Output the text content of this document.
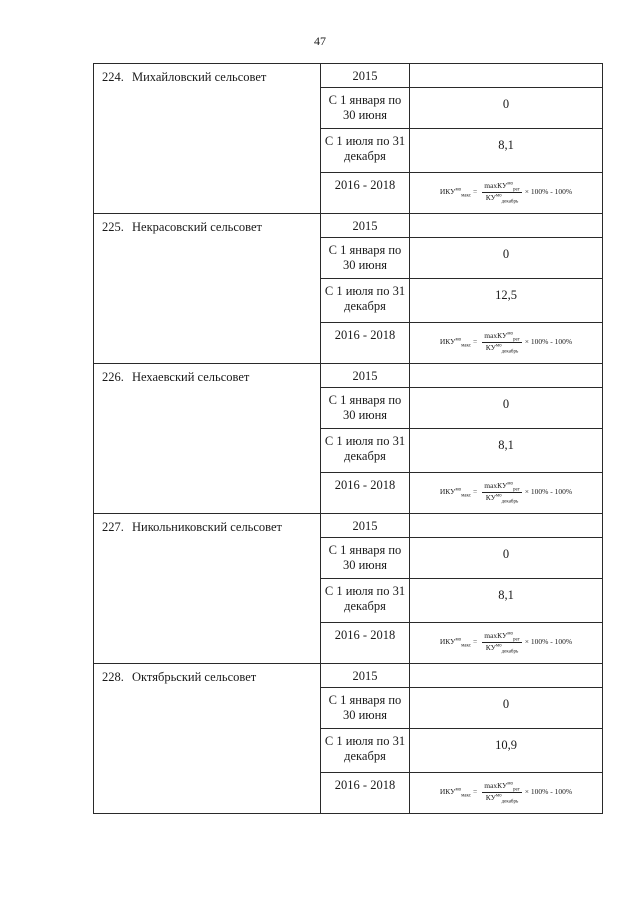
47
224. Михайловский сельсовет	2015	
	С 1 января по 30 июня	0
	С 1 июля по 31 декабря	8,1
	2016 - 2018	$ИКУ^{мо}_{макс} = \frac{\max КУ^{мо}_{рег}}{КУ^{мо}_{декабрь}} \times 100\% - 100\%$

225. Некрасовский сельсовет	2015	
	С 1 января по 30 июня	0
	С 1 июля по 31 декабря	12,5
	2016 - 2018	$ИКУ^{мо}_{макс} = \frac{\max КУ^{мо}_{рег}}{КУ^{мо}_{декабрь}} \times 100\% - 100\%$

226. Нехаевский сельсовет	2015	
	С 1 января по 30 июня	0
	С 1 июля по 31 декабря	8,1
	2016 - 2018	$ИКУ^{мо}_{макс} = \frac{\max КУ^{мо}_{рег}}{КУ^{мо}_{декабрь}} \times 100\% - 100\%$

227. Никольниковский сельсовет	2015	
	С 1 января по 30 июня	0
	С 1 июля по 31 декабря	8,1
	2016 - 2018	$ИКУ^{мо}_{макс} = \frac{\max КУ^{мо}_{рег}}{КУ^{мо}_{декабрь}} \times 100\% - 100\%$

228. Октябрьский сельсовет	2015	
	С 1 января по 30 июня	0
	С 1 июля по 31 декабря	10,9
	2016 - 2018	$ИКУ^{мо}_{макс} = \frac{\max КУ^{мо}_{рег}}{КУ^{мо}_{декабрь}} \times 100\% - 100\%$
